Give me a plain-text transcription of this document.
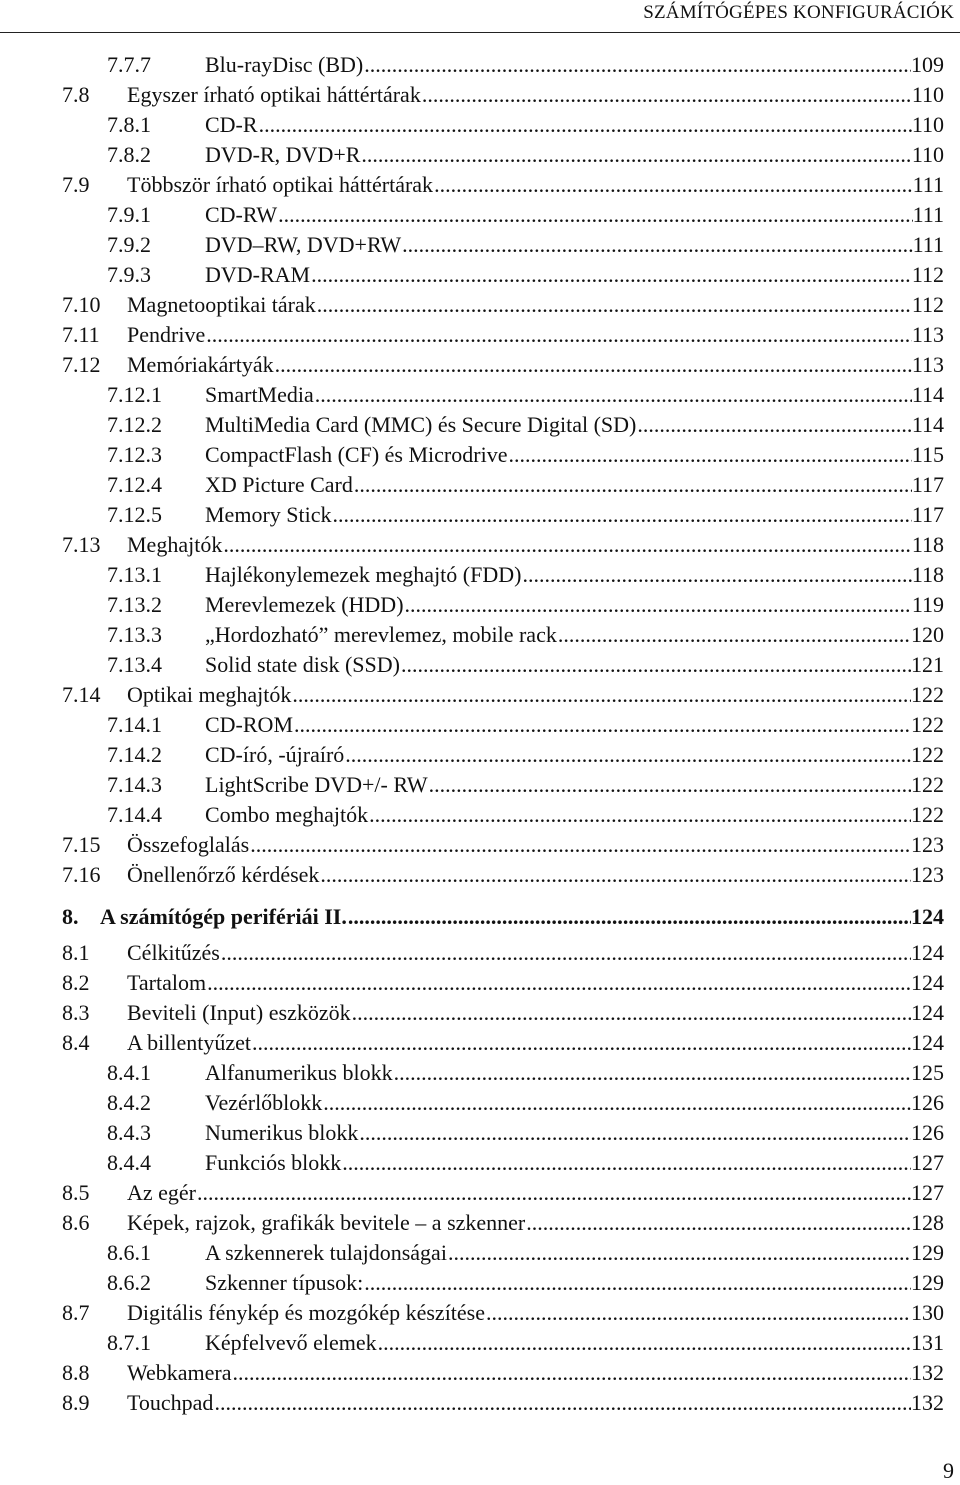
SZÁMÍTÓGÉPES KONFIGURÁCIÓK
7.7.7	Blu-rayDisc (BD) .....	109
7.8	Egyszer írható optikai háttértárak .....	110
7.8.1	CD-R .....	110
7.8.2	DVD-R, DVD+R .....	110
7.9	Többször írható optikai háttértárak .....	111
7.9.1	CD-RW .....	111
7.9.2	DVD–RW, DVD+RW .....	111
7.9.3	DVD-RAM .....	112
7.10	Magnetooptikai tárak .....	112
7.11	Pendrive .....	113
7.12	Memóriakártyák .....	113
7.12.1	SmartMedia .....	114
7.12.2	MultiMedia Card (MMC) és Secure Digital (SD) .....	114
7.12.3	CompactFlash (CF) és Microdrive .....	115
7.12.4	XD Picture Card .....	117
7.12.5	Memory Stick .....	117
7.13	Meghajtók .....	118
7.13.1	Hajlékonylemezek meghajtó (FDD) .....	118
7.13.2	Merevlemezek (HDD) .....	119
7.13.3	„Hordozható” merevlemez, mobile rack .....	120
7.13.4	Solid state disk (SSD) .....	121
7.14	Optikai meghajtók .....	122
7.14.1	CD-ROM .....	122
7.14.2	CD-író, -újraíró .....	122
7.14.3	LightScribe DVD+/- RW .....	122
7.14.4	Combo meghajtók .....	122
7.15	Összefoglalás .....	123
7.16	Önellenőrző kérdések .....	123
8. A számítógép perifériái II. .....	124
8.1	Célkitűzés .....	124
8.2	Tartalom .....	124
8.3	Beviteli (Input) eszközök .....	124
8.4	A billentyűzet .....	124
8.4.1	Alfanumerikus blokk .....	125
8.4.2	Vezérlőblokk .....	126
8.4.3	Numerikus blokk .....	126
8.4.4	Funkciós blokk .....	127
8.5	Az egér .....	127
8.6	Képek, rajzok, grafikák bevitele – a szkenner .....	128
8.6.1	A szkennerek tulajdonságai .....	129
8.6.2	Szkenner típusok: .....	129
8.7	Digitális fénykép és mozgókép készítése .....	130
8.7.1	Képfelvevő elemek .....	131
8.8	Webkamera .....	132
8.9	Touchpad .....	132
9
